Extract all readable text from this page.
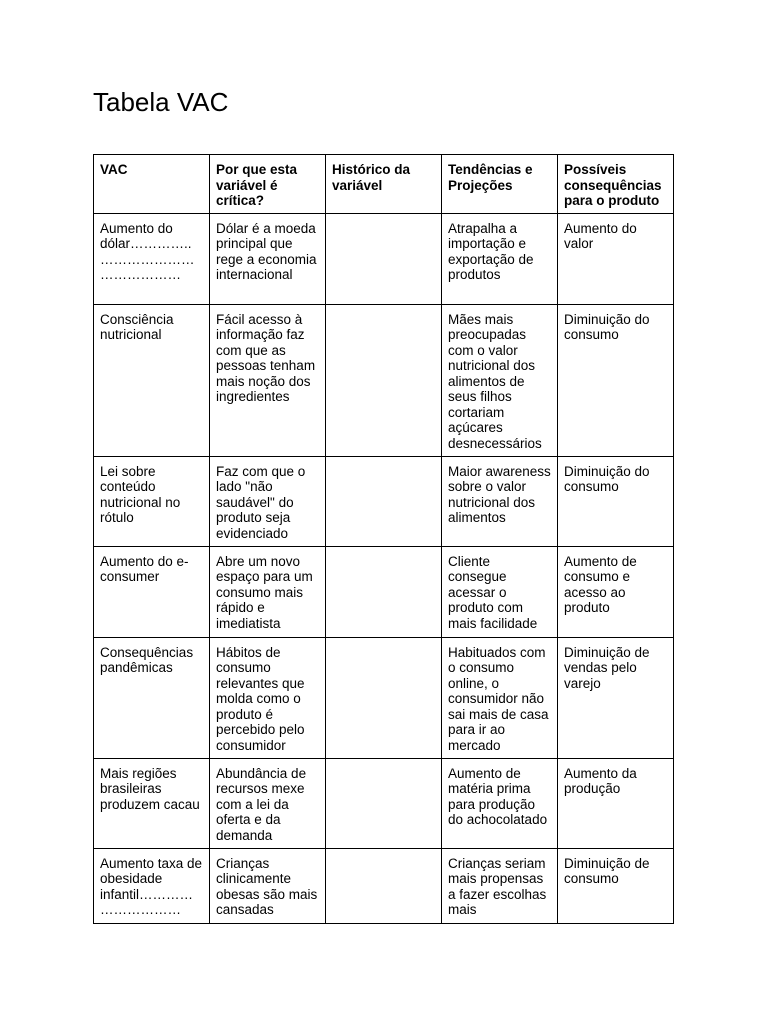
Tabela VAC
VAC	Por que esta variável é crítica?	Histórico da variável	Tendências e Projeções	Possíveis consequências para o produto
Aumento do dólar…………..…………………………………	Dólar é a moeda principal que rege a economia internacional		Atrapalha a importação e exportação de produtos	Aumento do valor
Consciência nutricional	Fácil acesso à informação faz com que as pessoas tenham mais noção dos ingredientes		Mães mais preocupadas com o valor nutricional dos alimentos de seus filhos cortariam açúcares desnecessários	Diminuição do consumo
Lei sobre conteúdo nutricional no rótulo	Faz com que o lado "não saudável" do produto seja evidenciado		Maior awareness sobre o valor nutricional dos alimentos	Diminuição do consumo
Aumento do e-consumer	Abre um novo espaço para um consumo mais rápido e imediatista		Cliente consegue acessar o produto com mais facilidade	Aumento de consumo e acesso ao produto
Consequências pandêmicas	Hábitos de consumo relevantes que molda como o produto é percebido pelo consumidor		Habituados com o consumo online, o consumidor não sai mais de casa para ir ao mercado	Diminuição de vendas pelo varejo
Mais regiões brasileiras produzem cacau	Abundância de recursos mexe com a lei da oferta e da demanda		Aumento de matéria prima para produção do achocolatado	Aumento da produção
Aumento taxa de obesidade infantil…………………………	Crianças clinicamente obesas são mais cansadas		Crianças seriam mais propensas a fazer escolhas mais	Diminuição de consumo
